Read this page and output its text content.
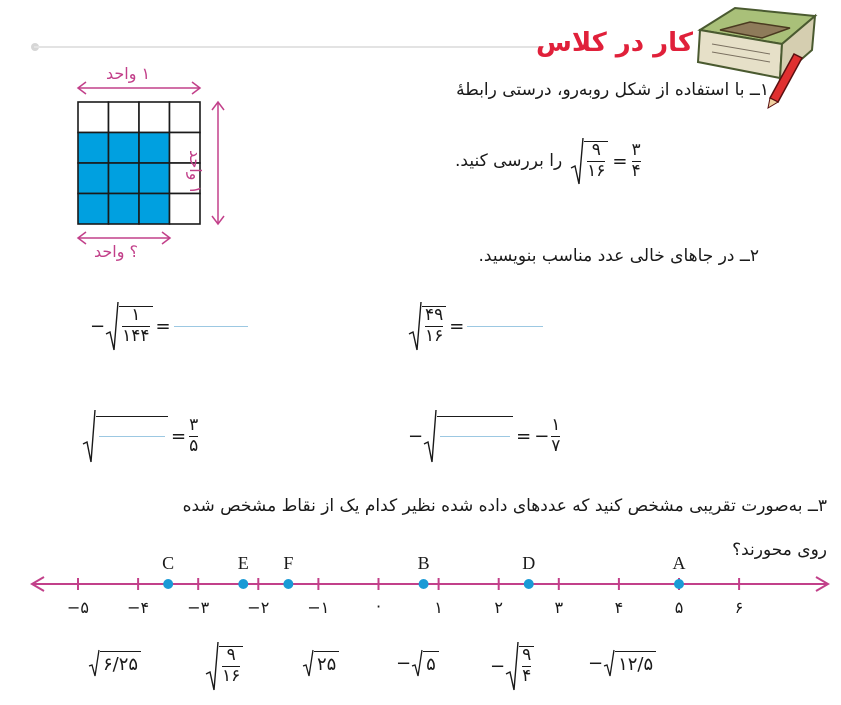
کار در کلاس
۱ واحد
۱ واحد
؟ واحد
۱ــ با استفاده از شکل روبه‌رو، درستی رابطهٔ
را بررسی کنید. $\frac{۹}{۱۶} = \frac{۳}{۴}$
۲ــ در جاهای خالی عدد مناسب بنویسید.
− $\frac{۱}{۱۴۴}$ =	$\frac{۴۹}{۱۶}$ =
= $\frac{۳}{۵}$	−	= − $\frac{۱}{۷}$
۳ــ به‌صورت تقریبی مشخص کنید که عددهای داده شده نظیر کدام یک از نقاط مشخص شده
روی محورند؟
−۵ −۴ −۳ −۲ −۱	۰	۱	۲	۳	۴	۵	۶
C	E F	B	D	A
۶/۲۵	$\frac{۹}{۱۶}$	۲۵	− ۵	− $\frac{۹}{۴}$	− ۱۲/۵
